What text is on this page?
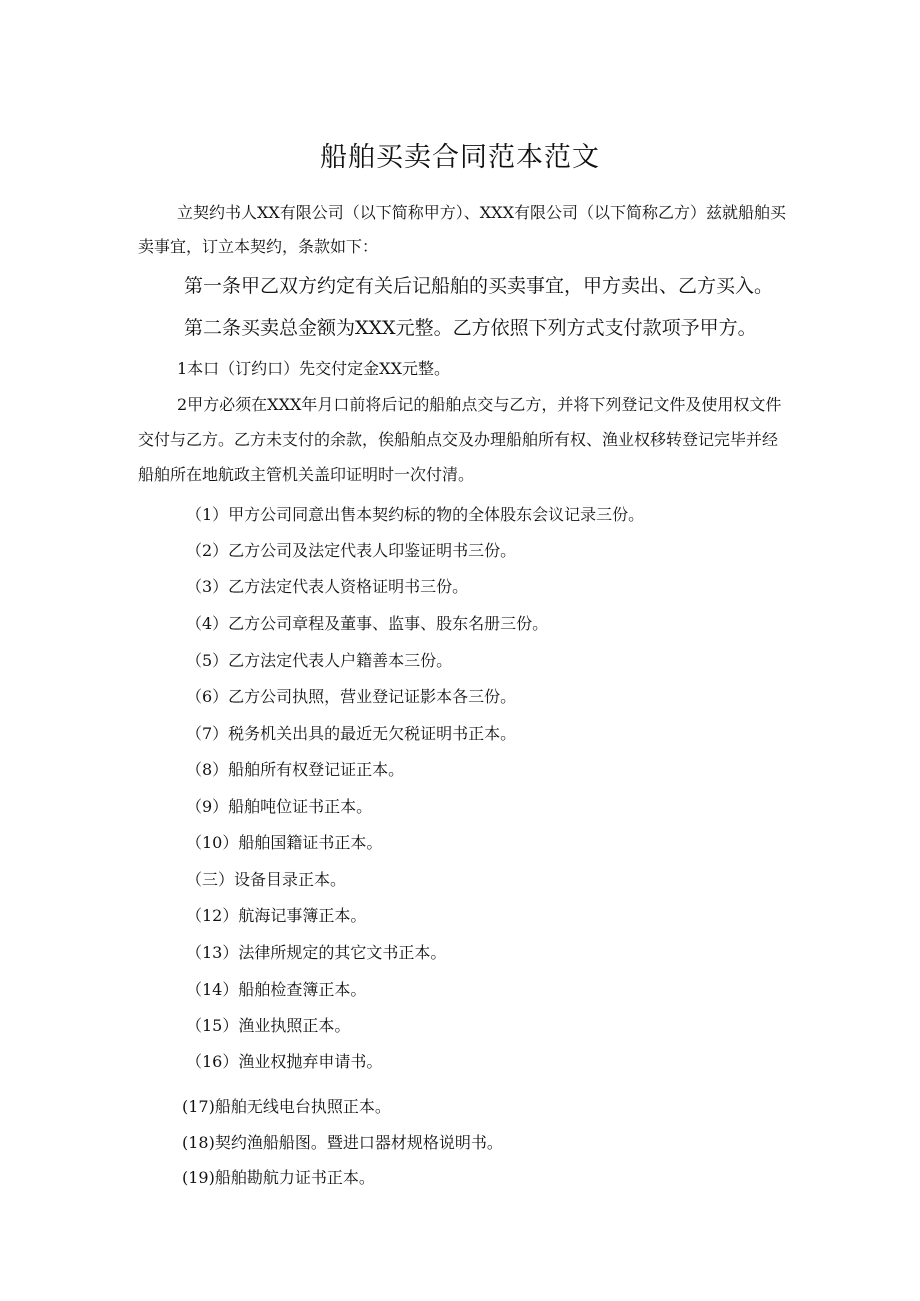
船舶买卖合同范本范文

立契约书人XX有限公司（以下简称甲方）、XXX有限公司（以下简称乙方）兹就船舶买卖事宜，订立本契约，条款如下：

第一条甲乙双方约定有关后记船舶的买卖事宜，甲方卖出、乙方买入。
第二条买卖总金额为XXX元整。乙方依照下列方式支付款项予甲方。

1本口（订约口）先交付定金XX元整。

2甲方必须在XXX年月口前将后记的船舶点交与乙方，并将下列登记文件及使用权文件交付与乙方。乙方未支付的余款，俟船舶点交及办理船舶所有权、渔业权移转登记完毕并经船舶所在地航政主管机关盖印证明时一次付清。

（1）甲方公司同意出售本契约标的物的全体股东会议记录三份。
（2）乙方公司及法定代表人印鉴证明书三份。
（3）乙方法定代表人资格证明书三份。
（4）乙方公司章程及董事、监事、股东名册三份。
（5）乙方法定代表人户籍善本三份。
（6）乙方公司执照，营业登记证影本各三份。
（7）税务机关出具的最近无欠税证明书正本。
（8）船舶所有权登记证正本。
（9）船舶吨位证书正本。
（10）船舶国籍证书正本。
（三）设备目录正本。
（12）航海记事簿正本。
（13）法律所规定的其它文书正本。
（14）船舶检查簿正本。
（15）渔业执照正本。
（16）渔业权抛弃申请书。
(17)船舶无线电台执照正本。
(18)契约渔船船图。暨进口器材规格说明书。
(19)船舶勘航力证书正本。
